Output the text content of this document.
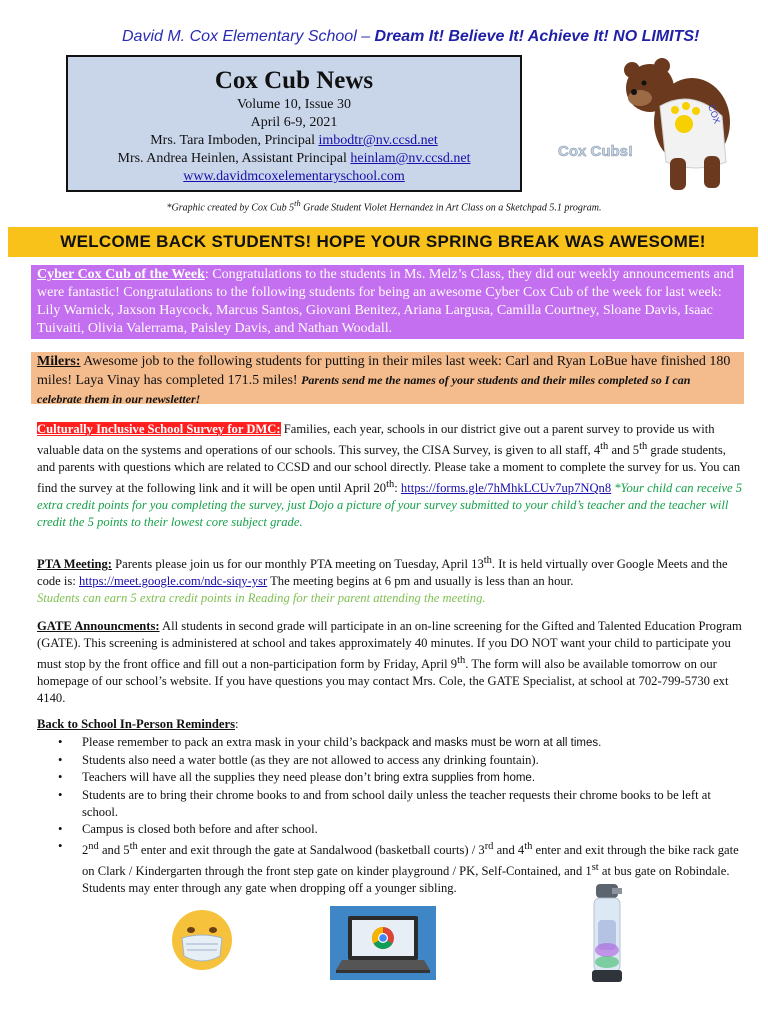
David M. Cox Elementary School – Dream It! Believe It! Achieve It! NO LIMITS!
Cox Cub News
Volume 10, Issue 30
April 6-9, 2021
Mrs. Tara Imboden, Principal imbodtr@nv.ccsd.net
Mrs. Andrea Heinlen, Assistant Principal heinlam@nv.ccsd.net
www.davidmcoxelementaryschool.com
COX
Cox Cubs!
*Graphic created by Cox Cub 5th Grade Student Violet Hernandez in Art Class on a Sketchpad 5.1 program.
WELCOME BACK STUDENTS! HOPE YOUR SPRING BREAK WAS AWESOME!
Cyber Cox Cub of the Week: Congratulations to the students in Ms. Melz’s Class, they did our weekly announcements and were fantastic! Congratulations to the following students for being an awesome Cyber Cox Cub of the week for last week: Lily Warnick, Jaxson Haycock, Marcus Santos, Giovani Benitez, Ariana Largusa, Camilla Courtney, Sloane Davis, Isaac Tuivaiti, Olivia Valerrama, Paisley Davis, and Nathan Woodall.
Milers: Awesome job to the following students for putting in their miles last week: Carl and Ryan LoBue have finished 180 miles! Laya Vinay has completed 171.5 miles! Parents send me the names of your students and their miles completed so I can celebrate them in our newsletter!
Culturally Inclusive School Survey for DMC: Families, each year, schools in our district give out a parent survey to provide us with valuable data on the systems and operations of our schools. This survey, the CISA Survey, is given to all staff, 4th and 5th grade students, and parents with questions which are related to CCSD and our school directly. Please take a moment to complete the survey for us. You can find the survey at the following link and it will be open until April 20th: https://forms.gle/7hMhkLCUv7up7NQn8 *Your child can receive 5 extra credit points for you completing the survey, just Dojo a picture of your survey submitted to your child’s teacher and the teacher will credit the 5 points to their lowest core subject grade.
PTA Meeting: Parents please join us for our monthly PTA meeting on Tuesday, April 13th. It is held virtually over Google Meets and the code is: https://meet.google.com/ndc-siqy-ysr The meeting begins at 6 pm and usually is less than an hour.
Students can earn 5 extra credit points in Reading for their parent attending the meeting.
GATE Announcments: All students in second grade will participate in an on-line screening for the Gifted and Talented Education Program (GATE). This screening is administered at school and takes approximately 40 minutes. If you DO NOT want your child to participate you must stop by the front office and fill out a non-participation form by Friday, April 9th. The form will also be available tomorrow on our homepage of our school’s website. If you have questions you may contact Mrs. Cole, the GATE Specialist, at school at 702-799-5730 ext 4140.
Back to School In-Person Reminders:
• Please remember to pack an extra mask in your child’s backpack and masks must be worn at all times.
• Students also need a water bottle (as they are not allowed to access any drinking fountain).
• Teachers will have all the supplies they need please don’t bring extra supplies from home.
• Students are to bring their chrome books to and from school daily unless the teacher requests their chrome books to be left at school.
• Campus is closed both before and after school.
• 2nd and 5th enter and exit through the gate at Sandalwood (basketball courts) / 3rd and 4th enter and exit through the bike rack gate on Clark / Kindergarten through the front step gate on kinder playground / PK, Self-Contained, and 1st at bus gate on Robindale. Students may enter through any gate when dropping off a younger sibling.
